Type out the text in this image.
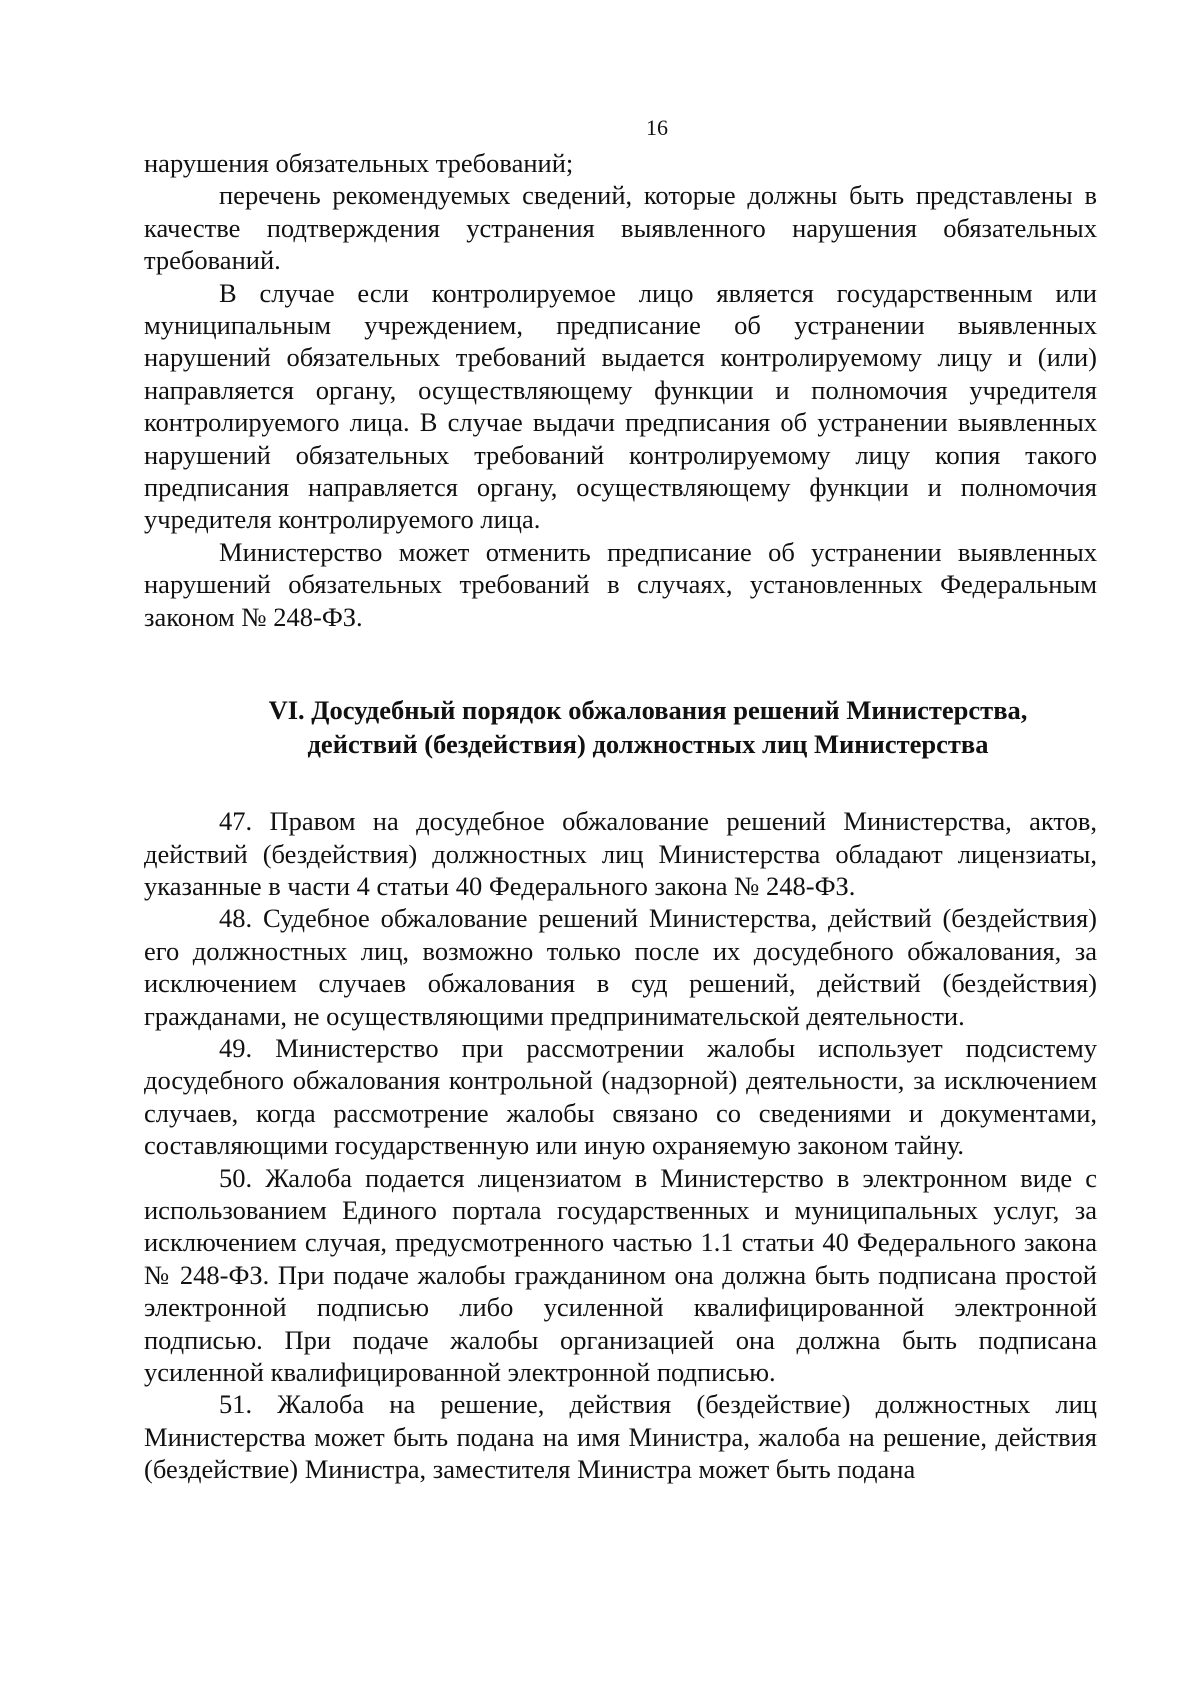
16

нарушения обязательных требований;

перечень рекомендуемых сведений, которые должны быть представлены в качестве подтверждения устранения выявленного нарушения обязательных требований.

В случае если контролируемое лицо является государственным или муниципальным учреждением, предписание об устранении выявленных нарушений обязательных требований выдается контролируемому лицу и (или) направляется органу, осуществляющему функции и полномочия учредителя контролируемого лица. В случае выдачи предписания об устранении выявленных нарушений обязательных требований контролируемому лицу копия такого предписания направляется органу, осуществляющему функции и полномочия учредителя контролируемого лица.

Министерство может отменить предписание об устранении выявленных нарушений обязательных требований в случаях, установленных Федеральным законом № 248-ФЗ.

VI. Досудебный порядок обжалования решений Министерства,
действий (бездействия) должностных лиц Министерства

47. Правом на досудебное обжалование решений Министерства, актов, действий (бездействия) должностных лиц Министерства обладают лицензиаты, указанные в части 4 статьи 40 Федерального закона № 248-ФЗ.

48. Судебное обжалование решений Министерства, действий (бездействия) его должностных лиц, возможно только после их досудебного обжалования, за исключением случаев обжалования в суд решений, действий (бездействия) гражданами, не осуществляющими предпринимательской деятельности.

49. Министерство при рассмотрении жалобы использует подсистему досудебного обжалования контрольной (надзорной) деятельности, за исключением случаев, когда рассмотрение жалобы связано со сведениями и документами, составляющими государственную или иную охраняемую законом тайну.

50. Жалоба подается лицензиатом в Министерство в электронном виде с использованием Единого портала государственных и муниципальных услуг, за исключением случая, предусмотренного частью 1.1 статьи 40 Федерального закона № 248-ФЗ. При подаче жалобы гражданином она должна быть подписана простой электронной подписью либо усиленной квалифицированной электронной подписью. При подаче жалобы организацией она должна быть подписана усиленной квалифицированной электронной подписью.

51. Жалоба на решение, действия (бездействие) должностных лиц Министерства может быть подана на имя Министра, жалоба на решение, действия (бездействие) Министра, заместителя Министра может быть подана
